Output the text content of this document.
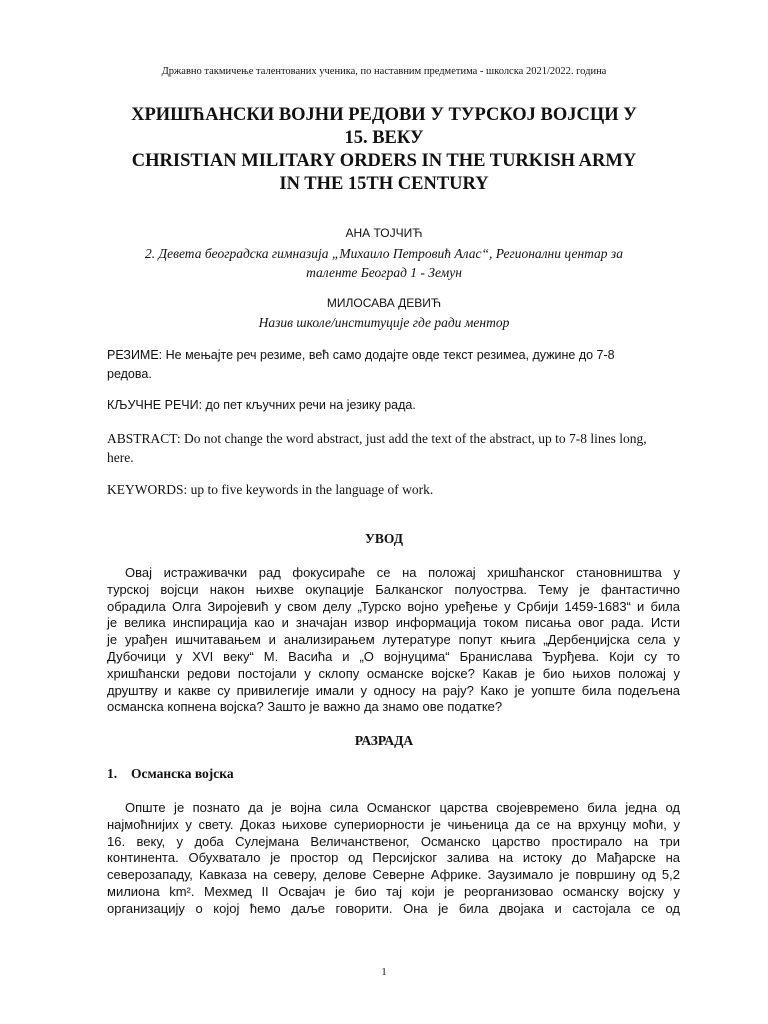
Државно такмичење талентованих ученика, по наставним предметима - школска 2021/2022. година
ХРИШЋАНСКИ ВОЈНИ РЕДОВИ У ТУРСКОЈ ВОЈСЦИ У
15. ВЕКУ
CHRISTIAN MILITARY ORDERS IN THE TURKISH ARMY
IN THE 15TH CENTURY
АНА ТОЈЧИЋ
2. Девета београдска гимназија „Михаило Петровић Алас“, Регионални центар за
таленте Београд 1 - Земун
МИЛОСАВА ДЕВИЋ
Назив школе/институције где ради ментор
РЕЗИМЕ: Не мењајте реч резиме, већ само додајте овде текст резимеа, дужине до 7-8 редова.
КЉУЧНЕ РЕЧИ: до пет кључних речи на језику рада.
ABSTRACT: Do not change the word abstract, just add the text of the abstract, up to 7-8 lines long, here.
KEYWORDS: up to five keywords in the language of work.
УВОД
Овај истраживачки рад фокусираће се на положај хришћанског становништва у
турској војсци након њихве окупације Балканског полуострва. Тему је фантастично
обрадила Олга Зиројевић у свом делу „Турско војно уређење у Србији 1459-1683“ и била
је велика инспирација као и значајан извор информација током писања овог рада. Исти
је урађен ишчитавањем и анализирањем лутературе попут књига „Дербенџијска села у
Дубочици у XVI веку“ М. Васића и „О војнуцима“ Бранислава Ђурђева. Који су то
хришћански редови постојали у склопу османске војске? Какав је био њихов положај у
друштву и какве су привилегије имали у односу на рају? Како је уопште била подељена
османска копнена војска? Зашто је важно да знамо ове податке?
РАЗРАДА
1. Османска војска
Опште је познато да је војна сила Османског царства својевремено била једна од
најмоћнијих у свету. Доказ њихове супериорности је чињеница да се на врхунцу моћи, у
16. веку, у доба Сулејмана Величанственог, Османско царство простирало на три
континента. Обухватало је простор од Персијског залива на истоку до Мађарске на
северозападу, Кавказа на северу, делове Северне Африке. Заузимало је површину од 5,2
милиона km². Мехмед II Освајач је био тај који је реорганизовао османску војску у
организацију о којој ћемо даље говорити. Она је била двојака и састојала се од
1
